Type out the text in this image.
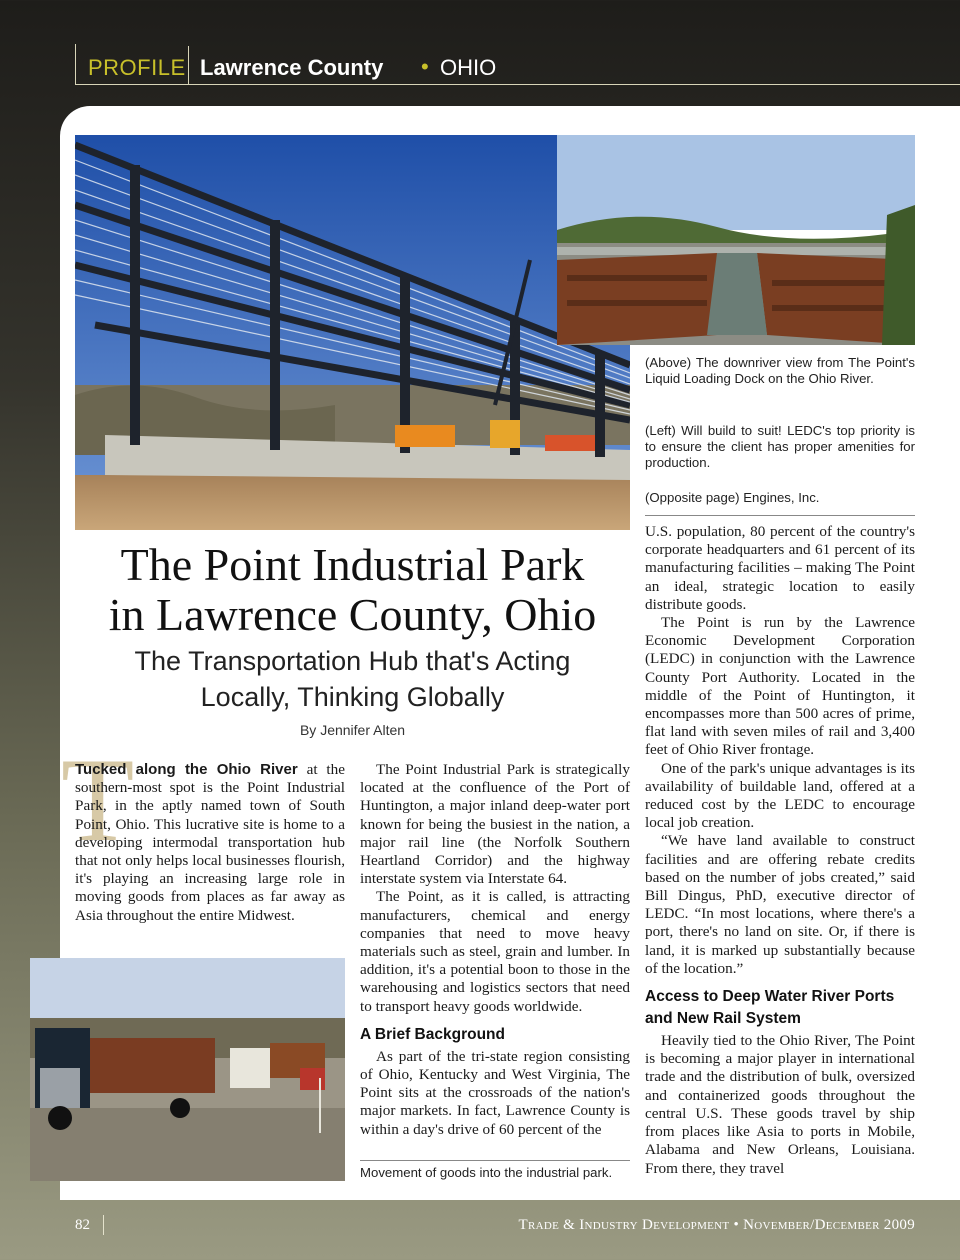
PROFILE Lawrence County • OHIO
(Above) The downriver view from The Point's Liquid Loading Dock on the Ohio River.
(Left) Will build to suit! LEDC's top priority is to ensure the client has proper amenities for production.
(Opposite page) Engines, Inc.
The Point Industrial Park
in Lawrence County, Ohio
The Transportation Hub that's Acting
Locally, Thinking Globally
By Jennifer Alten
T

Tucked along the Ohio River at the southern-most spot is the Point Industrial Park, in the aptly named town of South Point, Ohio. This lucrative site is home to a developing intermodal transportation hub that not only helps local businesses flourish, it's playing an increasing large role in moving goods from places as far away as Asia throughout the entire Midwest.

The Point Industrial Park is strategically located at the confluence of the Port of Huntington, a major inland deep-water port known for being the busiest in the nation, a major rail line (the Norfolk Southern Heartland Corridor) and the highway interstate system via Interstate 64.

The Point, as it is called, is attracting manufacturers, chemical and energy companies that need to move heavy materials such as steel, grain and lumber. In addition, it's a potential boon to those in the warehousing and logistics sectors that need to transport heavy goods worldwide.

A Brief Background

As part of the tri-state region consisting of Ohio, Kentucky and West Virginia, The Point sits at the crossroads of the nation's major markets. In fact, Lawrence County is within a day's drive of 60 percent of the

Movement of goods into the industrial park.

U.S. population, 80 percent of the country's corporate headquarters and 61 percent of its manufacturing facilities – making The Point an ideal, strategic location to easily distribute goods.

The Point is run by the Lawrence Economic Development Corporation (LEDC) in conjunction with the Lawrence County Port Authority. Located in the middle of the Point of Huntington, it encompasses more than 500 acres of prime, flat land with seven miles of rail and 3,400 feet of Ohio River frontage.

One of the park's unique advantages is its availability of buildable land, offered at a reduced cost by the LEDC to encourage local job creation.

“We have land available to construct facilities and are offering rebate credits based on the number of jobs created,” said Bill Dingus, PhD, executive director of LEDC. “In most locations, where there's a port, there's no land on site. Or, if there is land, it is marked up substantially because of the location.”

Access to Deep Water River Ports and New Rail System

Heavily tied to the Ohio River, The Point is becoming a major player in international trade and the distribution of bulk, oversized and containerized goods throughout the central U.S. These goods travel by ship from places like Asia to ports in Mobile, Alabama and New Orleans, Louisiana. From there, they travel

82	Trade & Industry Development • November/December 2009
